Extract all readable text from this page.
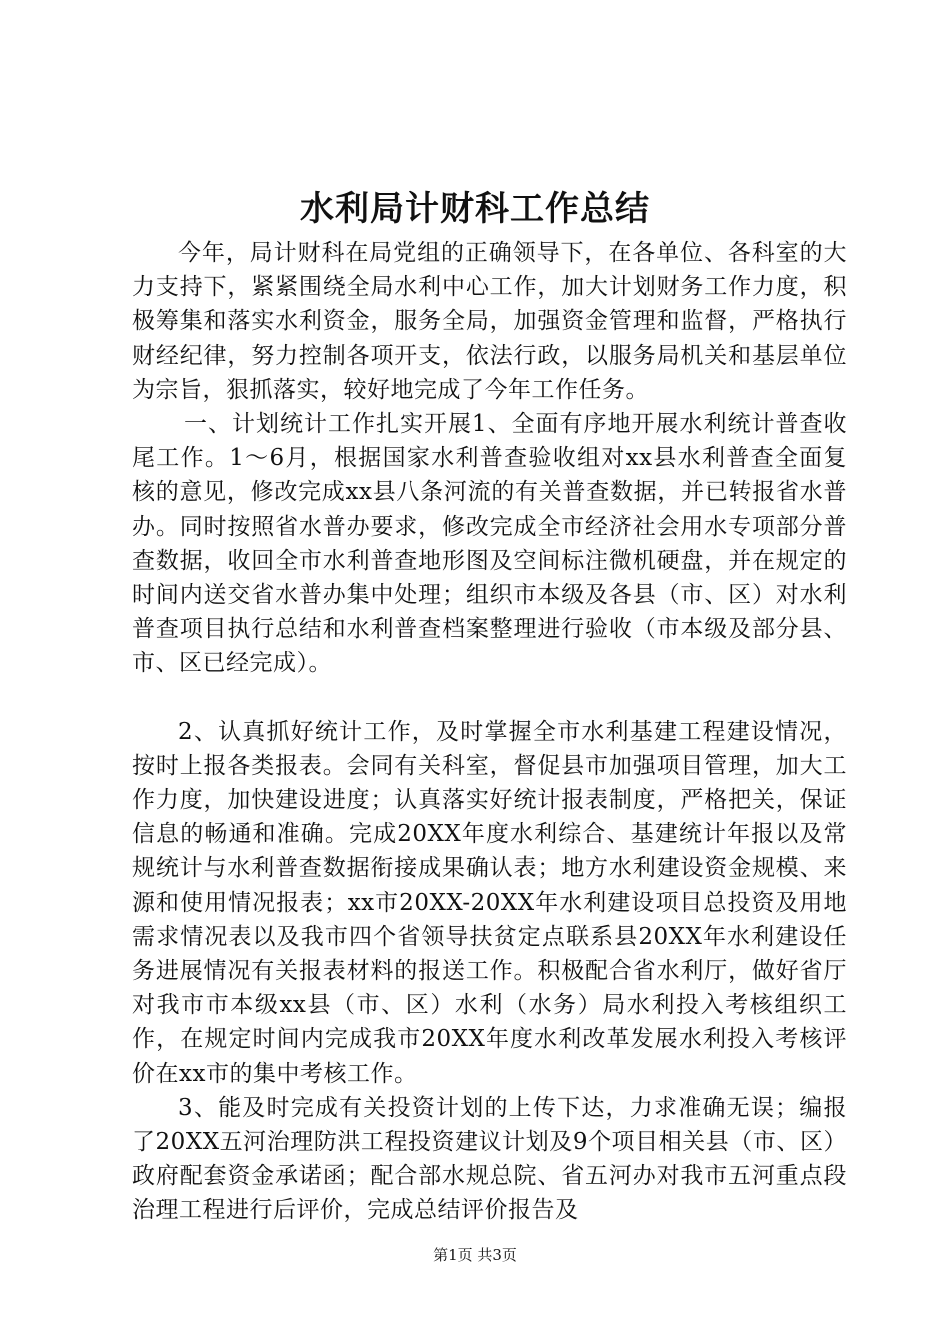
水利局计财科工作总结

今年，局计财科在局党组的正确领导下，在各单位、各科室的大力支持下，紧紧围绕全局水利中心工作，加大计划财务工作力度，积极筹集和落实水利资金，服务全局，加强资金管理和监督，严格执行财经纪律，努力控制各项开支，依法行政，以服务局机关和基层单位为宗旨，狠抓落实，较好地完成了今年工作任务。

一、计划统计工作扎实开展1、全面有序地开展水利统计普查收尾工作。1～6月，根据国家水利普查验收组对xx县水利普查全面复核的意见，修改完成xx县八条河流的有关普查数据，并已转报省水普办。同时按照省水普办要求，修改完成全市经济社会用水专项部分普查数据，收回全市水利普查地形图及空间标注微机硬盘，并在规定的时间内送交省水普办集中处理；组织市本级及各县（市、区）对水利普查项目执行总结和水利普查档案整理进行验收（市本级及部分县、市、区已经完成）。

2、认真抓好统计工作，及时掌握全市水利基建工程建设情况，按时上报各类报表。会同有关科室，督促县市加强项目管理，加大工作力度，加快建设进度；认真落实好统计报表制度，严格把关，保证信息的畅通和准确。完成20XX年度水利综合、基建统计年报以及常规统计与水利普查数据衔接成果确认表；地方水利建设资金规模、来源和使用情况报表；xx市20XX-20XX年水利建设项目总投资及用地需求情况表以及我市四个省领导扶贫定点联系县20XX年水利建设任务进展情况有关报表材料的报送工作。积极配合省水利厅，做好省厅对我市市本级xx县（市、区）水利（水务）局水利投入考核组织工作，在规定时间内完成我市20XX年度水利改革发展水利投入考核评价在xx市的集中考核工作。

3、能及时完成有关投资计划的上传下达，力求准确无误；编报了20XX五河治理防洪工程投资建议计划及9个项目相关县（市、区）政府配套资金承诺函；配合部水规总院、省五河办对我市五河重点段治理工程进行后评价，完成总结评价报告及

第1页 共3页
